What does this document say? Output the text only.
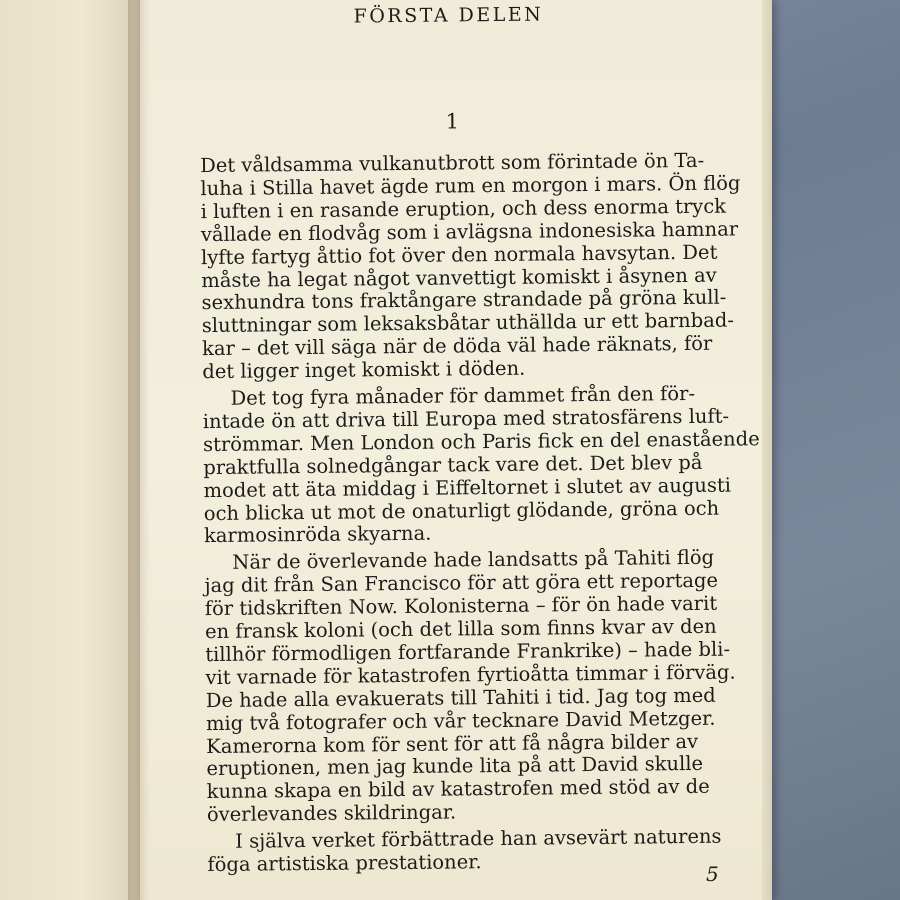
FÖRSTA DELEN
1
Det våldsamma vulkanutbrott som förintade ön Ta-
luha i Stilla havet ägde rum en morgon i mars. Ön flög
i luften i en rasande eruption, och dess enorma tryck
vållade en flodvåg som i avlägsna indonesiska hamnar
lyfte fartyg åttio fot över den normala havsytan. Det
måste ha legat något vanvettigt komiskt i åsynen av
sexhundra tons fraktångare strandade på gröna kull-
sluttningar som leksaksbåtar uthällda ur ett barnbad-
kar – det vill säga när de döda väl hade räknats, för
det ligger inget komiskt i döden.
Det tog fyra månader för dammet från den för-
intade ön att driva till Europa med stratosfärens luft-
strömmar. Men London och Paris fick en del enastående
praktfulla solnedgångar tack vare det. Det blev på
modet att äta middag i Eiffeltornet i slutet av augusti
och blicka ut mot de onaturligt glödande, gröna och
karmosinröda skyarna.
När de överlevande hade landsatts på Tahiti flög
jag dit från San Francisco för att göra ett reportage
för tidskriften Now. Kolonisterna – för ön hade varit
en fransk koloni (och det lilla som finns kvar av den
tillhör förmodligen fortfarande Frankrike) – hade bli-
vit varnade för katastrofen fyrtioåtta timmar i förväg.
De hade alla evakuerats till Tahiti i tid. Jag tog med
mig två fotografer och vår tecknare David Metzger.
Kamerorna kom för sent för att få några bilder av
eruptionen, men jag kunde lita på att David skulle
kunna skapa en bild av katastrofen med stöd av de
överlevandes skildringar.
I själva verket förbättrade han avsevärt naturens
föga artistiska prestationer.	5
